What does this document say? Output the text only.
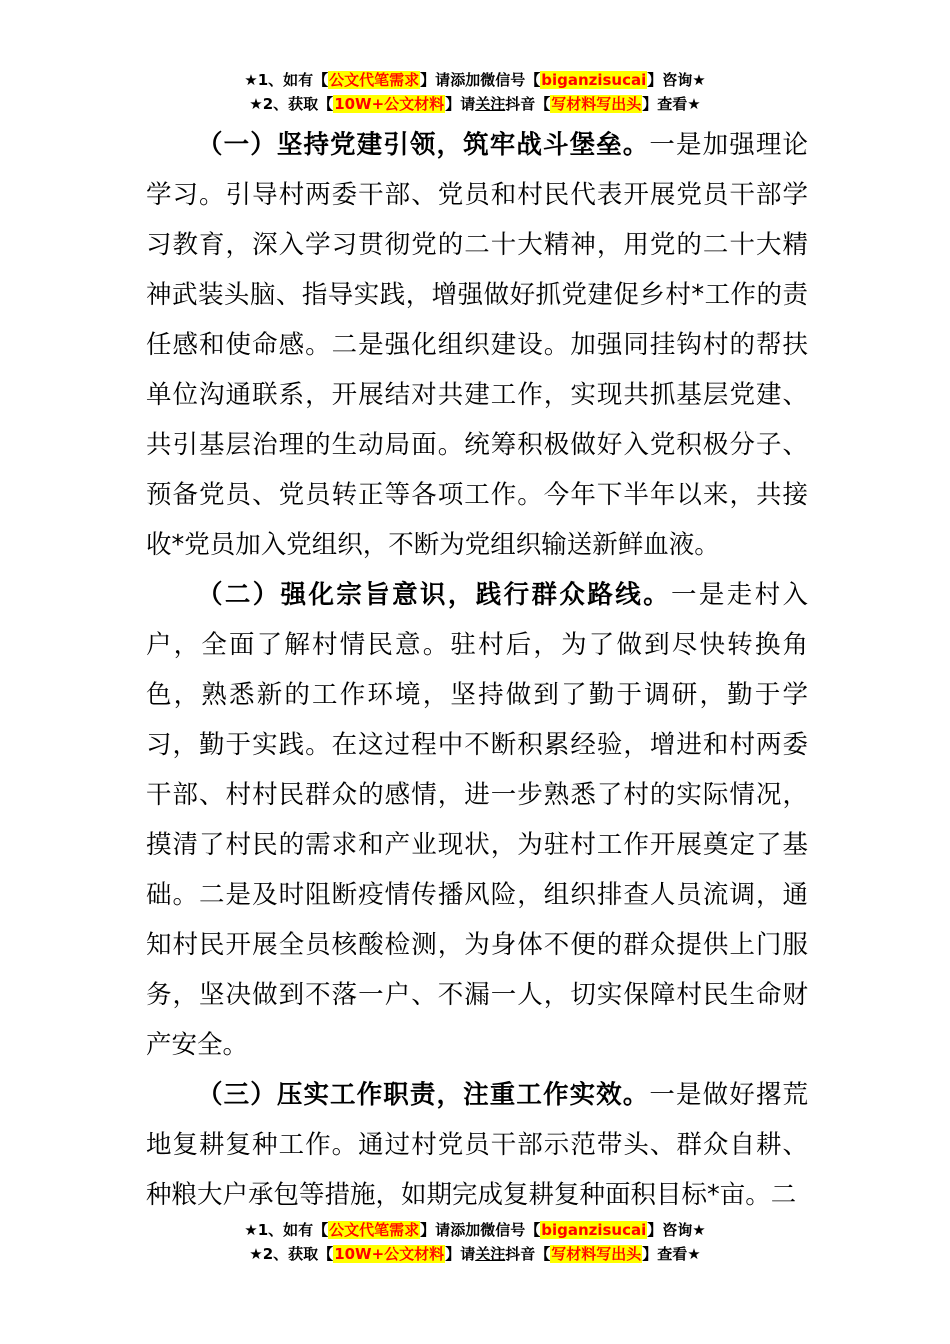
★1、如有【公文代笔需求】请添加微信号【biganzisucai】咨询★
★2、获取【10W+公文材料】请关注抖音【写材料写出头】查看★

（一）坚持党建引领，筑牢战斗堡垒。一是加强理论学习。引导村两委干部、党员和村民代表开展党员干部学习教育，深入学习贯彻党的二十大精神，用党的二十大精神武装头脑、指导实践，增强做好抓党建促乡村*工作的责任感和使命感。二是强化组织建设。加强同挂钩村的帮扶单位沟通联系，开展结对共建工作，实现共抓基层党建、共引基层治理的生动局面。统筹积极做好入党积极分子、预备党员、党员转正等各项工作。今年下半年以来，共接收*党员加入党组织，不断为党组织输送新鲜血液。

（二）强化宗旨意识，践行群众路线。一是走村入户，全面了解村情民意。驻村后，为了做到尽快转换角色，熟悉新的工作环境，坚持做到了勤于调研，勤于学习，勤于实践。在这过程中不断积累经验，增进和村两委干部、村村民群众的感情，进一步熟悉了村的实际情况，摸清了村民的需求和产业现状，为驻村工作开展奠定了基础。二是及时阻断疫情传播风险，组织排查人员流调，通知村民开展全员核酸检测，为身体不便的群众提供上门服务，坚决做到不落一户、不漏一人，切实保障村民生命财产安全。

（三）压实工作职责，注重工作实效。一是做好撂荒地复耕复种工作。通过村党员干部示范带头、群众自耕、种粮大户承包等措施，如期完成复耕复种面积目标*亩。二

★1、如有【公文代笔需求】请添加微信号【biganzisucai】咨询★
★2、获取【10W+公文材料】请关注抖音【写材料写出头】查看★
